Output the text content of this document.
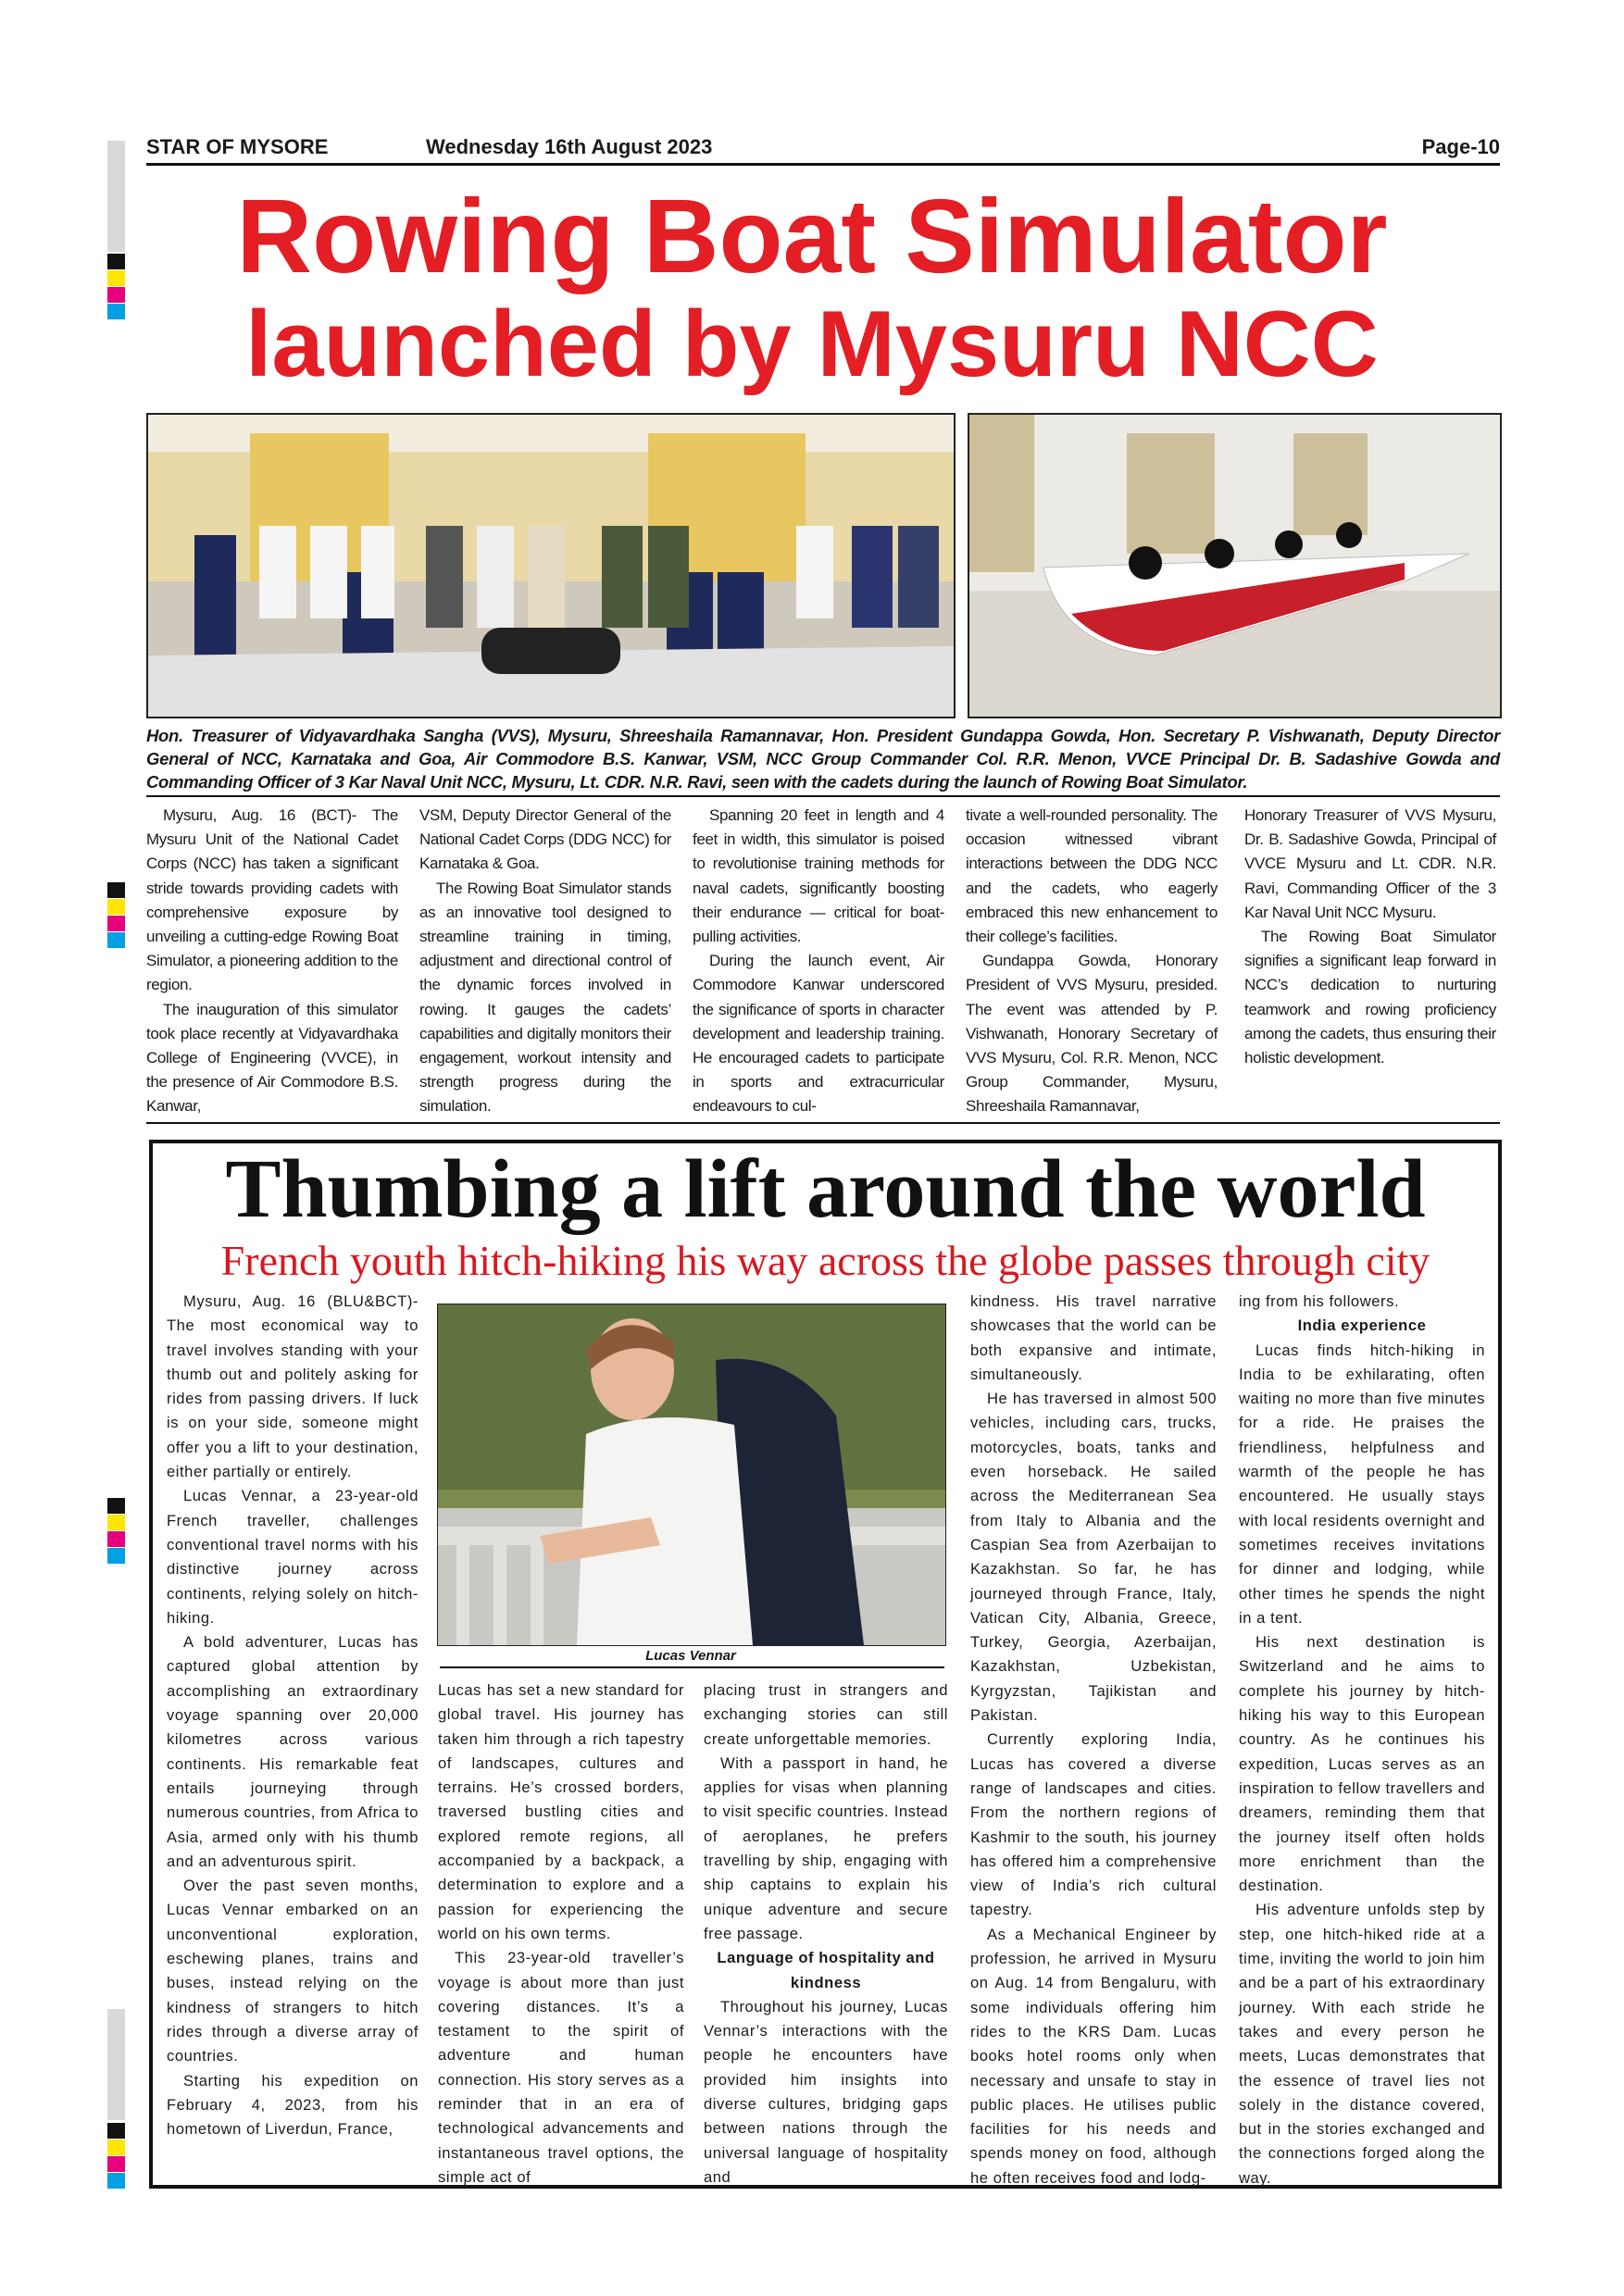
STAR OF MYSORE	Wednesday 16th August 2023	Page-10
Rowing Boat Simulator
launched by Mysuru NCC
Hon. Treasurer of Vidyavardhaka Sangha (VVS), Mysuru, Shreeshaila Ramannavar, Hon. President Gundappa Gowda, Hon. Secretary P. Vishwanath, Deputy Director General of NCC, Karnataka and Goa, Air Commodore B.S. Kanwar, VSM, NCC Group Commander Col. R.R. Menon, VVCE Principal Dr. B. Sadashive Gowda and Commanding Officer of 3 Kar Naval Unit NCC, Mysuru, Lt. CDR. N.R. Ravi, seen with the cadets during the launch of Rowing Boat Simulator.

Mysuru, Aug. 16 (BCT)- The Mysuru Unit of the National Cadet Corps (NCC) has taken a significant stride towards providing cadets with comprehensive exposure by unveiling a cutting-edge Rowing Boat Simulator, a pioneering addition to the region.

The inauguration of this simulator took place recently at Vidyavardhaka College of Engineering (VVCE), in the presence of Air Commodore B.S. Kanwar,

VSM, Deputy Director General of the National Cadet Corps (DDG NCC) for Karnataka & Goa.

The Rowing Boat Simulator stands as an innovative tool designed to streamline training in timing, adjustment and directional control of the dynamic forces involved in rowing. It gauges the cadets’ capabilities and digitally monitors their engagement, workout intensity and strength progress during the simulation.

Spanning 20 feet in length and 4 feet in width, this simulator is poised to revolutionise training methods for naval cadets, significantly boosting their endurance — critical for boat-pulling activities.

During the launch event, Air Commodore Kanwar underscored the significance of sports in character development and leadership training. He encouraged cadets to participate in sports and extracurricular endeavours to cul-

tivate a well-rounded personality. The occasion witnessed vibrant interactions between the DDG NCC and the cadets, who eagerly embraced this new enhancement to their college’s facilities.

Gundappa Gowda, Honorary President of VVS Mysuru, presided. The event was attended by P. Vishwanath, Honorary Secretary of VVS Mysuru, Col. R.R. Menon, NCC Group Commander, Mysuru, Shreeshaila Ramannavar,

Honorary Treasurer of VVS Mysuru, Dr. B. Sadashive Gowda, Principal of VVCE Mysuru and Lt. CDR. N.R. Ravi, Commanding Officer of the 3 Kar Naval Unit NCC Mysuru.

The Rowing Boat Simulator signifies a significant leap forward in NCC’s dedication to nurturing teamwork and rowing proficiency among the cadets, thus ensuring their holistic development.

Thumbing a lift around the world
French youth hitch-hiking his way across the globe passes through city
Lucas Vennar

Mysuru, Aug. 16 (BLU&BCT)- The most economical way to travel involves standing with your thumb out and politely asking for rides from passing drivers. If luck is on your side, someone might offer you a lift to your destination, either partially or entirely.

Lucas Vennar, a 23-year-old French traveller, challenges conventional travel norms with his distinctive journey across continents, relying solely on hitch-hiking.

A bold adventurer, Lucas has captured global attention by accomplishing an extraordinary voyage spanning over 20,000 kilometres across various continents. His remarkable feat entails journeying through numerous countries, from Africa to Asia, armed only with his thumb and an adventurous spirit.

Over the past seven months, Lucas Vennar embarked on an unconventional exploration, eschewing planes, trains and buses, instead relying on the kindness of strangers to hitch rides through a diverse array of countries.

Starting his expedition on February 4, 2023, from his hometown of Liverdun, France,

Lucas has set a new standard for global travel. His journey has taken him through a rich tapestry of landscapes, cultures and terrains. He’s crossed borders, traversed bustling cities and explored remote regions, all accompanied by a backpack, a determination to explore and a passion for experiencing the world on his own terms.

This 23-year-old traveller’s voyage is about more than just covering distances. It’s a testament to the spirit of adventure and human connection. His story serves as a reminder that in an era of technological advancements and instantaneous travel options, the simple act of

placing trust in strangers and exchanging stories can still create unforgettable memories.

With a passport in hand, he applies for visas when planning to visit specific countries. Instead of aeroplanes, he prefers travelling by ship, engaging with ship captains to explain his unique adventure and secure free passage.

Language of hospitality and kindness

Throughout his journey, Lucas Vennar’s interactions with the people he encounters have provided him insights into diverse cultures, bridging gaps between nations through the universal language of hospitality and

kindness. His travel narrative showcases that the world can be both expansive and intimate, simultaneously.

He has traversed in almost 500 vehicles, including cars, trucks, motorcycles, boats, tanks and even horseback. He sailed across the Mediterranean Sea from Italy to Albania and the Caspian Sea from Azerbaijan to Kazakhstan. So far, he has journeyed through France, Italy, Vatican City, Albania, Greece, Turkey, Georgia, Azerbaijan, Kazakhstan, Uzbekistan, Kyrgyzstan, Tajikistan and Pakistan.

Currently exploring India, Lucas has covered a diverse range of landscapes and cities. From the northern regions of Kashmir to the south, his journey has offered him a comprehensive view of India’s rich cultural tapestry.

As a Mechanical Engineer by profession, he arrived in Mysuru on Aug. 14 from Bengaluru, with some individuals offering him rides to the KRS Dam. Lucas books hotel rooms only when necessary and unsafe to stay in public places. He utilises public facilities for his needs and spends money on food, although he often receives food and lodg-

ing from his followers.

India experience

Lucas finds hitch-hiking in India to be exhilarating, often waiting no more than five minutes for a ride. He praises the friendliness, helpfulness and warmth of the people he has encountered. He usually stays with local residents overnight and sometimes receives invitations for dinner and lodging, while other times he spends the night in a tent.

His next destination is Switzerland and he aims to complete his journey by hitch-hiking his way to this European country. As he continues his expedition, Lucas serves as an inspiration to fellow travellers and dreamers, reminding them that the journey itself often holds more enrichment than the destination.

His adventure unfolds step by step, one hitch-hiked ride at a time, inviting the world to join him and be a part of his extraordinary journey. With each stride he takes and every person he meets, Lucas demonstrates that the essence of travel lies not solely in the distance covered, but in the stories exchanged and the connections forged along the way.
